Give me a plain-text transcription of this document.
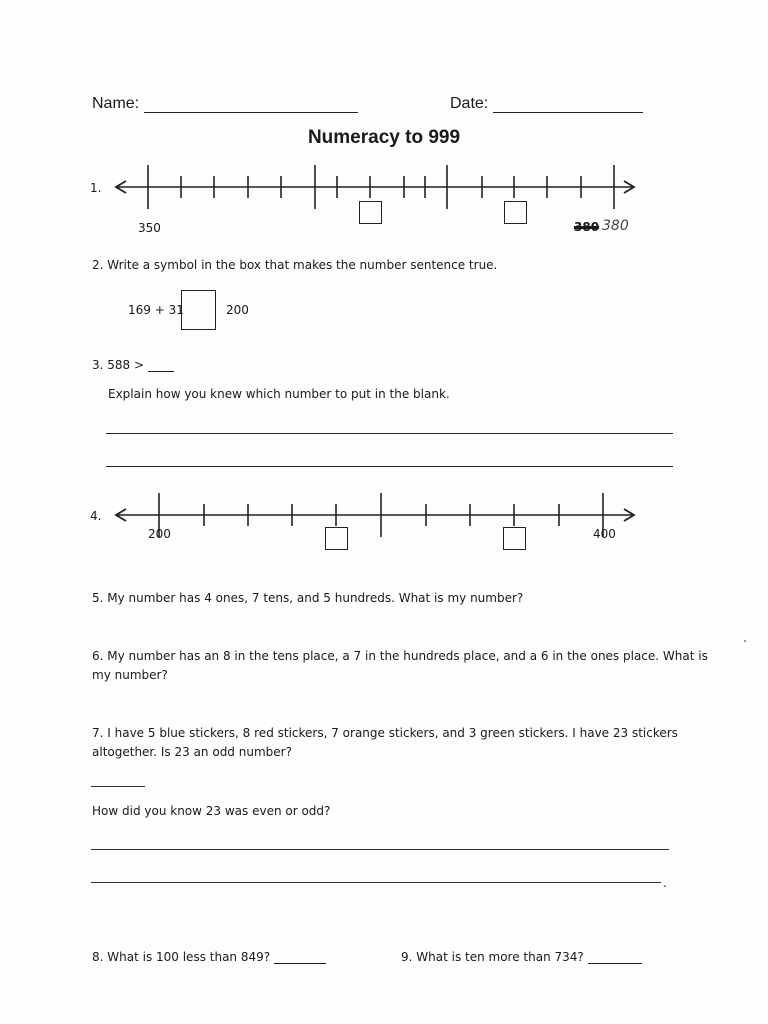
Name:	Date:
Numeracy to 999
1.
350	380 380
2. Write a symbol in the box that makes the number sentence true.
169 + 31	200
3. 588 >
Explain how you knew which number to put in the blank.
4.
200	400
5. My number has 4 ones, 7 tens, and 5 hundreds. What is my number?
6. My number has an 8 in the tens place, a 7 in the hundreds place, and a 6 in the ones place. What is
my number?
7. I have 5 blue stickers, 8 red stickers, 7 orange stickers, and 3 green stickers. I have 23 stickers
altogether. Is 23 an odd number?
How did you know 23 was even or odd?
.
8. What is 100 less than 849?	9. What is ten more than 734?
